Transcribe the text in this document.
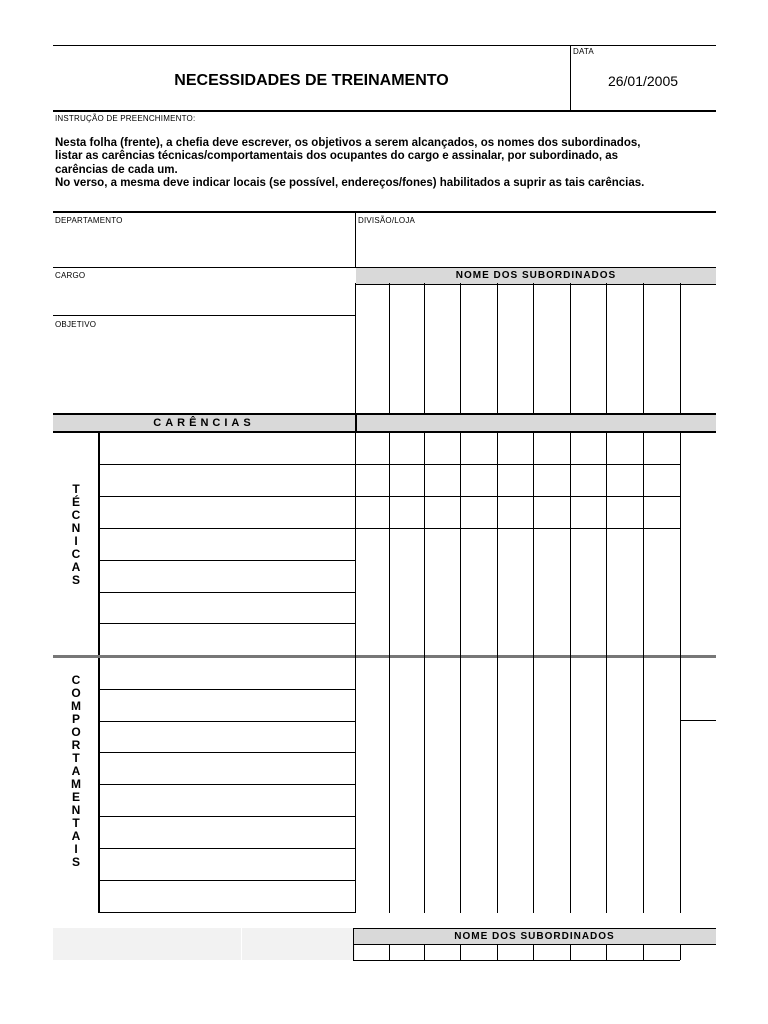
DATA
NECESSIDADES DE TREINAMENTO	26/01/2005
INSTRUÇÃO DE PREENCHIMENTO:
Nesta folha (frente), a chefia deve escrever, os objetivos a serem alcançados, os nomes dos subordinados,
listar as carências técnicas/comportamentais dos ocupantes do cargo e assinalar, por subordinado, as
carências de cada um.
No verso, a mesma deve indicar locais (se possível, endereços/fones) habilitados a suprir as tais carências.
DEPARTAMENTO	DIVISÃO/LOJA
CARGO	NOME DOS SUBORDINADOS
OBJETIVO
CARÊNCIAS
T
É
C
N
I
C
A
S
C
O
M
P
O
R
T
A
M
E
N
T
A
I
S
NOME DOS SUBORDINADOS
